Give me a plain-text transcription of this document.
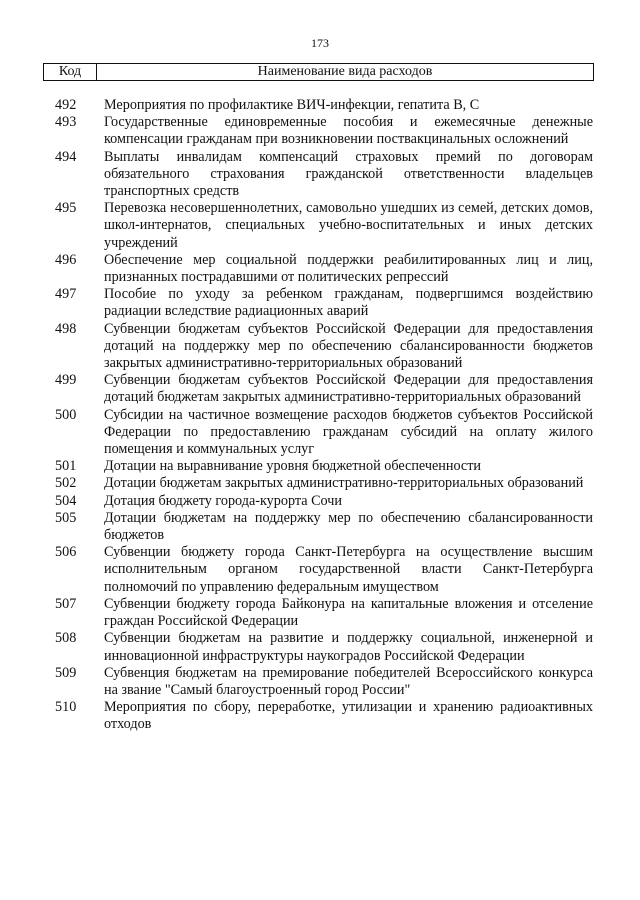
173
Код	Наименование вида расходов
492	Мероприятия по профилактике ВИЧ-инфекции, гепатита В, С
493	Государственные единовременные пособия и ежемесячные денежные компенсации гражданам при возникновении поствакцинальных осложнений
494	Выплаты инвалидам компенсаций страховых премий по договорам обязательного страхования гражданской ответственности владельцев транспортных средств
495	Перевозка несовершеннолетних, самовольно ушедших из семей, детских домов, школ-интернатов, специальных учебно-воспитательных и иных детских учреждений
496	Обеспечение мер социальной поддержки реабилитированных лиц и лиц, признанных пострадавшими от политических репрессий
497	Пособие по уходу за ребенком гражданам, подвергшимся воздействию радиации вследствие радиационных аварий
498	Субвенции бюджетам субъектов Российской Федерации для предоставления дотаций на поддержку мер по обеспечению сбалансированности бюджетов закрытых административно-территориальных образований
499	Субвенции бюджетам субъектов Российской Федерации для предоставления дотаций бюджетам закрытых административно-территориальных образований
500	Субсидии на частичное возмещение расходов бюджетов субъектов Российской Федерации по предоставлению гражданам субсидий на оплату жилого помещения и коммунальных услуг
501	Дотации на выравнивание уровня бюджетной обеспеченности
502	Дотации бюджетам закрытых административно-территориальных образований
504	Дотация бюджету города-курорта Сочи
505	Дотации бюджетам на поддержку мер по обеспечению сбалансированности бюджетов
506	Субвенции бюджету города Санкт-Петербурга на осуществление высшим исполнительным органом государственной власти Санкт-Петербурга полномочий по управлению федеральным имуществом
507	Субвенции бюджету города Байконура на капитальные вложения и отселение граждан Российской Федерации
508	Субвенции бюджетам на развитие и поддержку социальной, инженерной и инновационной инфраструктуры наукоградов Российской Федерации
509	Субвенция бюджетам на премирование победителей Всероссийского конкурса на звание "Самый благоустроенный город России"
510	Мероприятия по сбору, переработке, утилизации и хранению радиоактивных отходов
